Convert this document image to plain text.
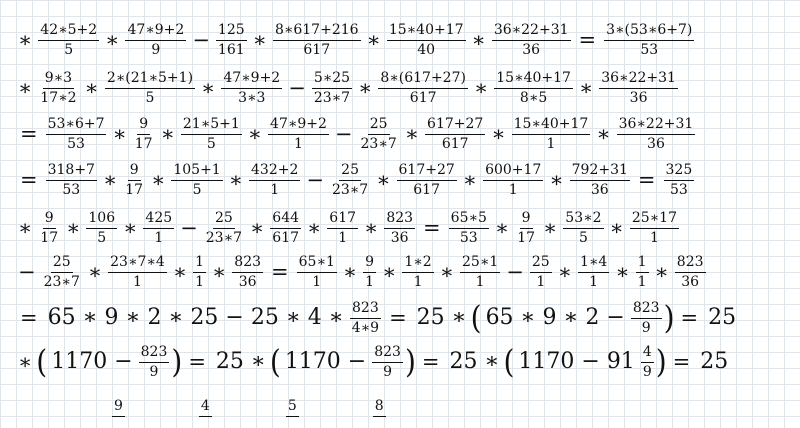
∗ $\frac{42∗5+2}{5}$ ∗ $\frac{47∗9+2}{9} - \frac{125}{161}$ ∗ $\frac{8∗617+216}{617}$ ∗ $\frac{15∗40+17}{40}$ ∗ $\frac{36∗22+31}{36} = \frac{3∗(53∗6+7)}{53}$
∗ $\frac{9∗3}{17∗2}$ ∗ $\frac{2∗(21∗5+1)}{5}$ ∗ $\frac{47∗9+2}{3∗3} - \frac{5∗25}{23∗7}$ ∗ $\frac{8∗(617+27)}{617}$ ∗ $\frac{15∗40+17}{8∗5}$ ∗ $\frac{36∗22+31}{36}$
= $\frac{53∗6+7}{53}$ ∗ $\frac{9}{17}$ ∗ $\frac{21∗5+1}{5}$ ∗ $\frac{47∗9+2}{1} - \frac{25}{23∗7}$ ∗ $\frac{617+27}{617}$ ∗ $\frac{15∗40+17}{1}$ ∗ $\frac{36∗22+31}{36}$
= $\frac{318+7}{53}$ ∗ $\frac{9}{17}$ ∗ $\frac{105+1}{5}$ ∗ $\frac{432+2}{1} - \frac{25}{23∗7}$ ∗ $\frac{617+27}{617}$ ∗ $\frac{600+17}{1}$ ∗ $\frac{792+31}{36} = \frac{325}{53}$
∗ $\frac{9}{17}$ ∗ $\frac{106}{5}$ ∗ $\frac{425}{1} - \frac{25}{23∗7}$ ∗ $\frac{644}{617}$ ∗ $\frac{617}{1}$ ∗ $\frac{823}{36} = \frac{65∗5}{53}$ ∗ $\frac{9}{17}$ ∗ $\frac{53∗2}{5}$ ∗ $\frac{25∗17}{1}$
− $\frac{25}{23∗7}$ ∗ $\frac{23∗7∗4}{1}$ ∗ $\frac{1}{1}$ ∗ $\frac{823}{36} = \frac{65∗1}{1}$ ∗ $\frac{9}{1}$ ∗ $\frac{1∗2}{1}$ ∗ $\frac{25∗1}{1} - \frac{25}{1}$ ∗ $\frac{1∗4}{1}$ ∗ $\frac{1}{1}$ ∗ $\frac{823}{36}$
= 65 ∗ 9 ∗ 2 ∗ 25 − 25 ∗ 4 ∗ $\frac{823}{4∗9} = 25$ ∗ ( 65 ∗ 9 ∗ $2 - \frac{823}{9}$ ) = 25
∗ ( $1170 - \frac{823}{9}$ ) = 25 ∗ ( $1170 - \frac{823}{9}$ ) = 25 ∗ ( $1170 - 91 \frac{4}{9}$ ) = 25
9	4	5	8
